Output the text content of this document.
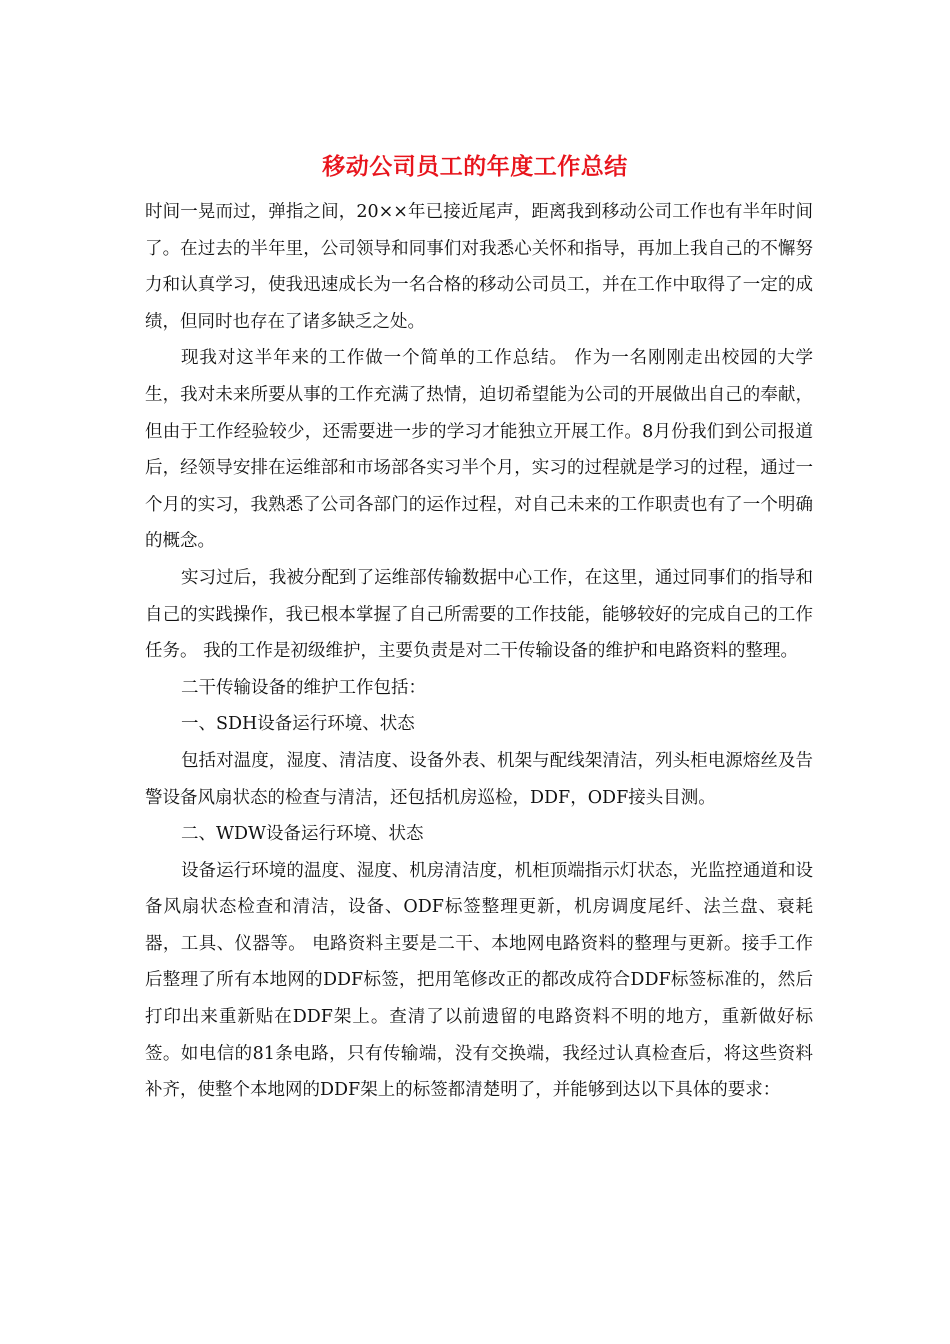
移动公司员工的年度工作总结

时间一晃而过，弹指之间，20××年已接近尾声，距离我到移动公司工作也有半年时间了。在过去的半年里，公司领导和同事们对我悉心关怀和指导，再加上我自己的不懈努力和认真学习，使我迅速成长为一名合格的移动公司员工，并在工作中取得了一定的成绩，但同时也存在了诸多缺乏之处。

现我对这半年来的工作做一个简单的工作总结。 作为一名刚刚走出校园的大学生，我对未来所要从事的工作充满了热情，迫切希望能为公司的开展做出自己的奉献，但由于工作经验较少，还需要进一步的学习才能独立开展工作。8月份我们到公司报道后，经领导安排在运维部和市场部各实习半个月，实习的过程就是学习的过程，通过一个月的实习，我熟悉了公司各部门的运作过程，对自己未来的工作职责也有了一个明确的概念。

实习过后，我被分配到了运维部传输数据中心工作，在这里，通过同事们的指导和自己的实践操作，我已根本掌握了自己所需要的工作技能，能够较好的完成自己的工作任务。 我的工作是初级维护，主要负责是对二干传输设备的维护和电路资料的整理。

二干传输设备的维护工作包括：

一、SDH设备运行环境、状态

包括对温度，湿度、清洁度、设备外表、机架与配线架清洁，列头柜电源熔丝及告警设备风扇状态的检查与清洁，还包括机房巡检，DDF，ODF接头目测。

二、WDW设备运行环境、状态

设备运行环境的温度、湿度、机房清洁度，机柜顶端指示灯状态，光监控通道和设备风扇状态检查和清洁，设备、ODF标签整理更新，机房调度尾纤、法兰盘、衰耗器，工具、仪器等。 电路资料主要是二干、本地网电路资料的整理与更新。接手工作后整理了所有本地网的DDF标签，把用笔修改正的都改成符合DDF标签标准的，然后打印出来重新贴在DDF架上。查清了以前遗留的电路资料不明的地方，重新做好标签。如电信的81条电路，只有传输端，没有交换端，我经过认真检查后，将这些资料补齐，使整个本地网的DDF架上的标签都清楚明了，并能够到达以下具体的要求：
